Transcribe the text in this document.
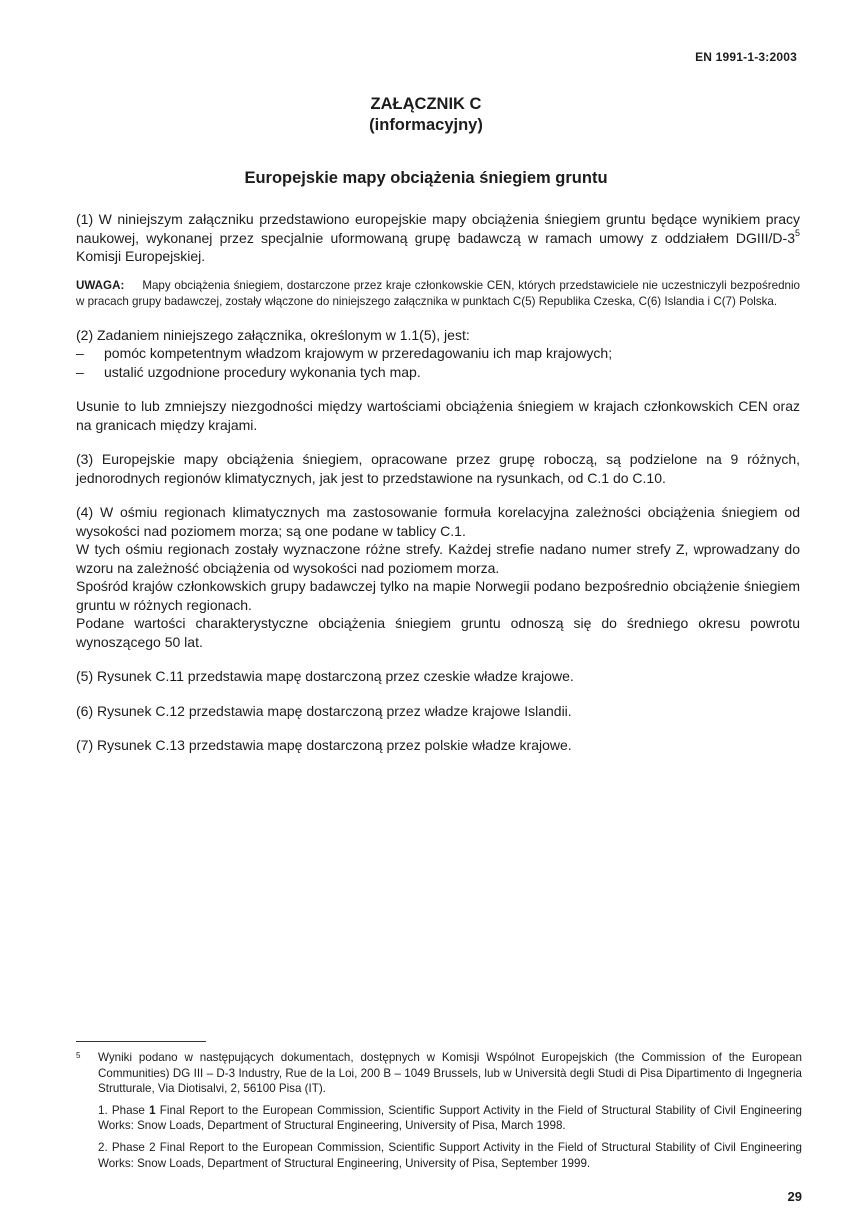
EN 1991-1-3:2003
ZAŁĄCZNIK C
(informacyjny)
Europejskie mapy obciążenia śniegiem gruntu

(1) W niniejszym załączniku przedstawiono europejskie mapy obciążenia śniegiem gruntu będące wynikiem pracy naukowej, wykonanej przez specjalnie uformowaną grupę badawczą w ramach umowy z oddziałem DGIII/$D-3^5$ Komisji Europejskiej.

UWAGA: Mapy obciążenia śniegiem, dostarczone przez kraje członkowskie CEN, których przedstawiciele nie uczestniczyli bezpośrednio w pracach grupy badawczej, zostały włączone do niniejszego załącznika w punktach C(5) Republika Czeska, C(6) Islandia i C(7) Polska.

(2) Zadaniem niniejszego załącznika, określonym w 1.1(5), jest:

– pomóc kompetentnym władzom krajowym w przeredagowaniu ich map krajowych;
– ustalić uzgodnione procedury wykonania tych map.

Usunie to lub zmniejszy niezgodności między wartościami obciążenia śniegiem w krajach członkowskich CEN oraz na granicach między krajami.

(3) Europejskie mapy obciążenia śniegiem, opracowane przez grupę roboczą, są podzielone na 9 różnych, jednorodnych regionów klimatycznych, jak jest to przedstawione na rysunkach, od C.1 do C.10.

(4) W ośmiu regionach klimatycznych ma zastosowanie formuła korelacyjna zależności obciążenia śniegiem od wysokości nad poziomem morza; są one podane w tablicy C.1.

W tych ośmiu regionach zostały wyznaczone różne strefy. Każdej strefie nadano numer strefy Z, wprowadzany do wzoru na zależność obciążenia od wysokości nad poziomem morza.

Spośród krajów członkowskich grupy badawczej tylko na mapie Norwegii podano bezpośrednio obciążenie śniegiem gruntu w różnych regionach.

Podane wartości charakterystyczne obciążenia śniegiem gruntu odnoszą się do średniego okresu powrotu wynoszącego 50 lat.

(5) Rysunek C.11 przedstawia mapę dostarczoną przez czeskie władze krajowe.

(6) Rysunek C.12 przedstawia mapę dostarczoną przez władze krajowe Islandii.

(7) Rysunek C.13 przedstawia mapę dostarczoną przez polskie władze krajowe.

5 Wyniki podano w następujących dokumentach, dostępnych w Komisji Wspólnot Europejskich (the Commission of the European Communities) DG III – D-3 Industry, Rue de la Loi, 200 B – 1049 Brussels, lub w Università degli Studi di Pisa Dipartimento di Ingegneria Strutturale, Via Diotisalvi, 2, 56100 Pisa (IT).

1. Phase 1 Final Report to the European Commission, Scientific Support Activity in the Field of Structural Stability of Civil Engineering Works: Snow Loads, Department of Structural Engineering, University of Pisa, March 1998.

2. Phase 2 Final Report to the European Commission, Scientific Support Activity in the Field of Structural Stability of Civil Engineering Works: Snow Loads, Department of Structural Engineering, University of Pisa, September 1999.

29
